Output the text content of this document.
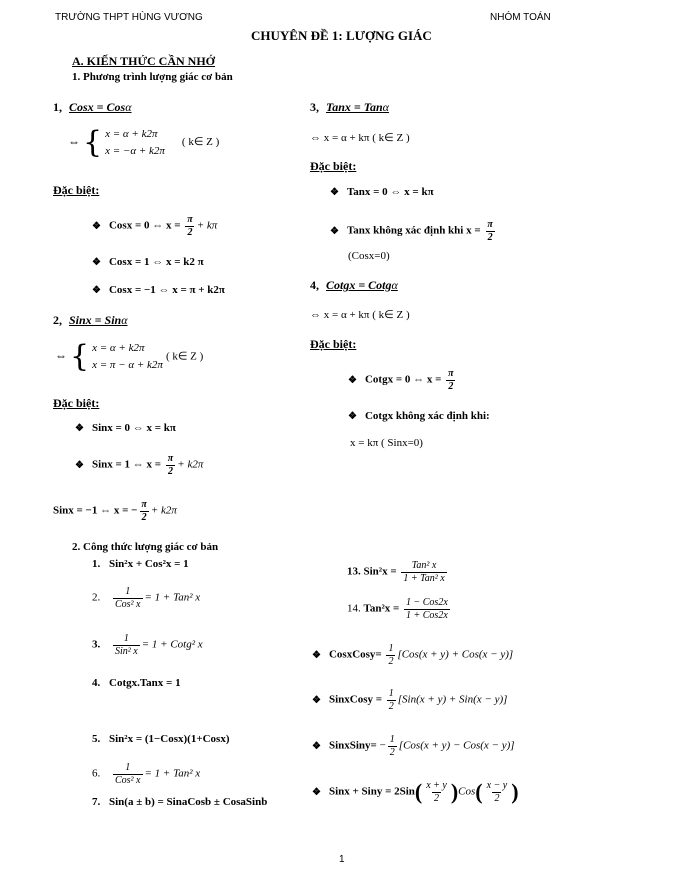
TRƯỜNG THPT HÙNG VƯƠNG	NHÓM TOÁN
CHUYÊN ĐỀ 1: LƯỢNG GIÁC
A. KIẾN THỨC CẦN NHỚ
1. Phương trình lượng giác cơ bản
1, Cosx = Cosα
⇔ { x = α + k2π
x = −α + k2π ( k∈ Z )
Đặc biệt:
❖ Cosx = 0 ⇔ $x = \frac{\pi}{2} + k\pi$
❖ Cosx = 1 ⇔ x = k2 π
❖ Cosx = −1 ⇔ x = π + k2π
2, Sinx = Sinα
⇔ { x = α + k2π
x = π − α + k2π ( k∈ Z )
Đặc biệt:
❖ Sinx = 0 ⇔ x = kπ
❖ Sinx = 1 ⇔ $x = \frac{\pi}{2} + k2\pi$
Sinx = −1 ⇔ x = − $\frac{\pi}{2} + k2\pi$
3, Tanx = Tanα
⇔ x = α + kπ ( k∈ Z )
Đặc biệt:
❖ Tanx = 0 ⇔ x = kπ
❖ Tanx không xác định khi $x = \frac{\pi}{2}$
(Cosx=0)
4, Cotgx = Cotgα
⇔ x = α + kπ ( k∈ Z )
Đặc biệt:
❖ Cotgx = 0 ⇔ $x = \frac{\pi}{2}$
❖ Cotgx không xác định khi:
x = kπ ( Sinx=0)
2. Công thức lượng giác cơ bản
1. Sin²x + Cos²x = 1
2. $\frac{1}{\text{Cos² x}} = 1 + Tan^2$ x
3. $\frac{1}{\text{Sin² x}} = 1$ + Cotg² x
4. Cotgx.Tanx = 1
5. Sin²x = (1−Cosx)(1+Cosx)
6. $\frac{1}{\text{Cos² x}} = 1 + Tan^2$ x
7. Sin(a ± b) = SinaCosb ± CosaSinb
13. $Sin^2x = \frac{\text{Tan² x}}{\text{1 + Tan² x}}$
14. $Tan^2x = \frac{\text{1 − Cos2x}}{\text{1 + Cos2x}}$
❖ CosxCosy= $\frac{1}{2} [Cos(x + y) + Cos(x - y)]$
❖ SinxCosy = $\frac{1}{2} [Sin(x + y) + Sin(x - y)]$
❖ SinxSiny= − $\frac{1}{2} [Cos(x + y) - Cos(x - y)]$
❖ Sinx + Siny = $2Sin( \frac{x + y}{2} )Cos( \frac{x - y}{2}$ )
1
